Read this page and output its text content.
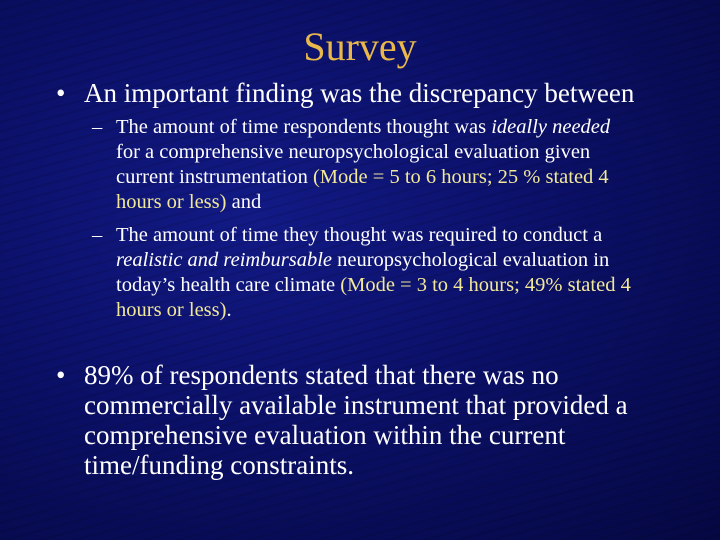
Survey
• An important finding was the discrepancy between
– The amount of time respondents thought was ideally needed for a comprehensive neuropsychological evaluation given current instrumentation (Mode = 5 to 6 hours; 25 % stated 4 hours or less) and
– The amount of time they thought was required to conduct a realistic and reimbursable neuropsychological evaluation in today’s health care climate (Mode = 3 to 4 hours; 49% stated 4 hours or less).
• 89% of respondents stated that there was no commercially available instrument that provided a comprehensive evaluation within the current time/funding constraints.
